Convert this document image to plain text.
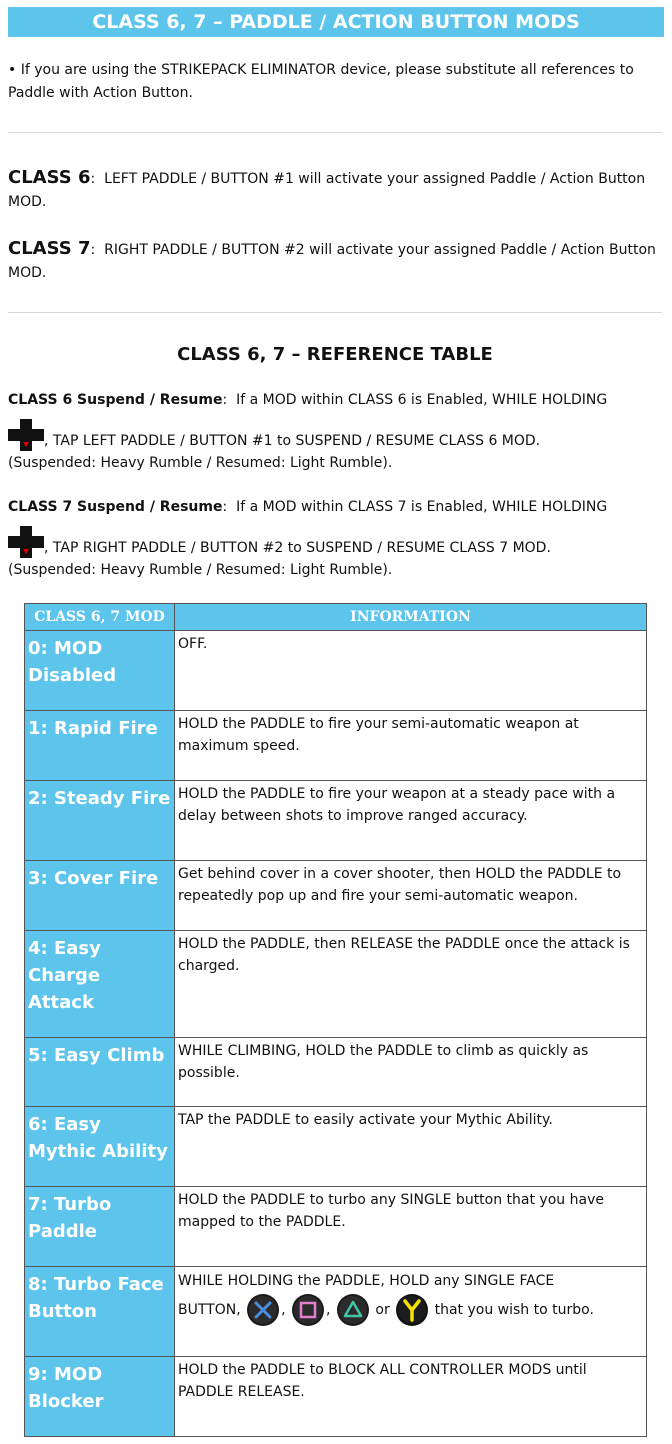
CLASS 6, 7 – PADDLE / ACTION BUTTON MODS
• If you are using the STRIKEPACK ELIMINATOR device, please substitute all references to Paddle with Action Button.
CLASS 6: LEFT PADDLE / BUTTON #1 will activate your assigned Paddle / Action Button MOD.
CLASS 7: RIGHT PADDLE / BUTTON #2 will activate your assigned Paddle / Action Button MOD.
CLASS 6, 7 – REFERENCE TABLE
CLASS 6 Suspend / Resume:  If a MOD within CLASS 6 is Enabled, WHILE HOLDING

, TAP LEFT PADDLE / BUTTON #1 to SUSPEND / RESUME CLASS 6 MOD.
(Suspended: Heavy Rumble / Resumed: Light Rumble).
CLASS 7 Suspend / Resume:  If a MOD within CLASS 7 is Enabled, WHILE HOLDING

, TAP RIGHT PADDLE / BUTTON #2 to SUSPEND / RESUME CLASS 7 MOD.
(Suspended: Heavy Rumble / Resumed: Light Rumble).
CLASS 6, 7 MOD	INFORMATION
0: MOD Disabled	OFF.
1: Rapid Fire	HOLD the PADDLE to fire your semi-automatic weapon at maximum speed.
2: Steady Fire	HOLD the PADDLE to fire your weapon at a steady pace with a delay between shots to improve ranged accuracy.
3: Cover Fire	Get behind cover in a cover shooter, then HOLD the PADDLE to repeatedly pop up and fire your semi-automatic weapon.
4: Easy Charge Attack	HOLD the PADDLE, then RELEASE the PADDLE once the attack is charged.
5: Easy Climb	WHILE CLIMBING, HOLD the PADDLE to climb as quickly as possible.
6: Easy Mythic Ability	TAP the PADDLE to easily activate your Mythic Ability.
7: Turbo Paddle	HOLD the PADDLE to turbo any SINGLE button that you have mapped to the PADDLE.
8: Turbo Face Button	WHILE HOLDING the PADDLE, HOLD any SINGLE FACE
BUTTON, , , or that you wish to turbo.
9: MOD Blocker	HOLD the PADDLE to BLOCK ALL CONTROLLER MODS until PADDLE RELEASE.
